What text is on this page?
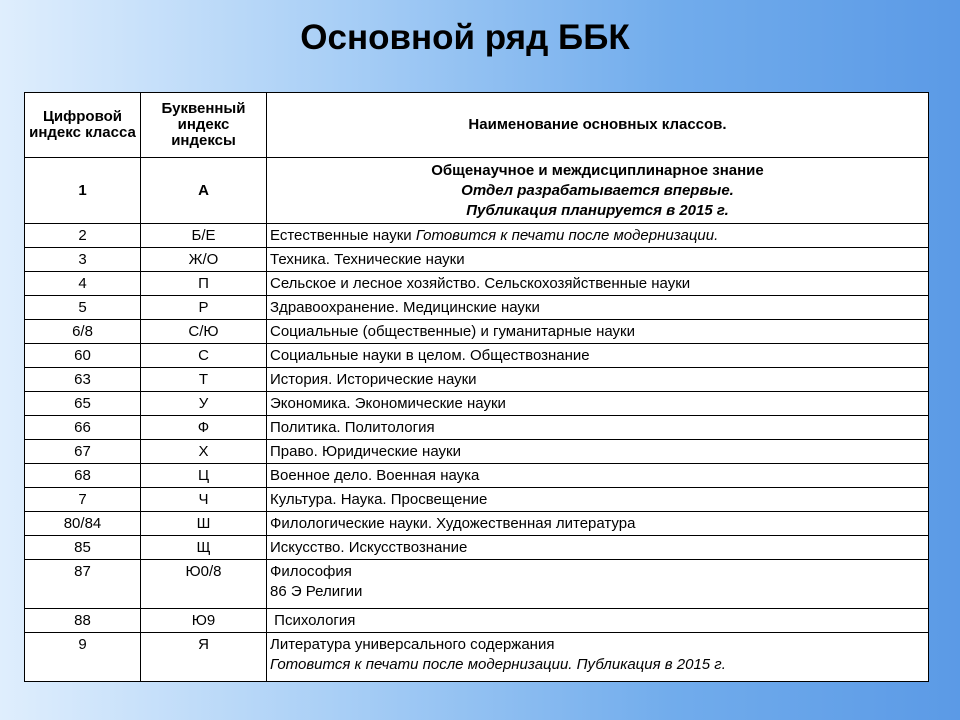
Основной ряд ББК
Цифровой индекс класса	Буквенный индекс индексы	Наименование основных классов.
1	А	Общенаучное и междисциплинарное знание
Отдел разрабатывается впервые.
Публикация планируется в 2015 г.

2	Б/Е	Естественные науки Готовится к печати после модернизации.
3	Ж/О	Техника. Технические науки
4	П	Сельское и лесное хозяйство. Сельскохозяйственные науки
5	Р	Здравоохранение. Медицинские науки
6/8	С/Ю	Социальные (общественные) и гуманитарные науки
60	С	Социальные науки в целом. Обществознание
63	Т	История. Исторические науки
65	У	Экономика. Экономические науки
66	Ф	Политика. Политология
67	Х	Право. Юридические науки
68	Ц	Военное дело. Военная наука
7	Ч	Культура. Наука. Просвещение
80/84	Ш	Филологические науки. Художественная литература
85	Щ	Искусство. Искусствознание
87	Ю0/8	Философия
86 Э Религии

88	Ю9	Психология
9	Я	Литература универсального содержания
Готовится к печати после модернизации. Публикация в 2015 г.
